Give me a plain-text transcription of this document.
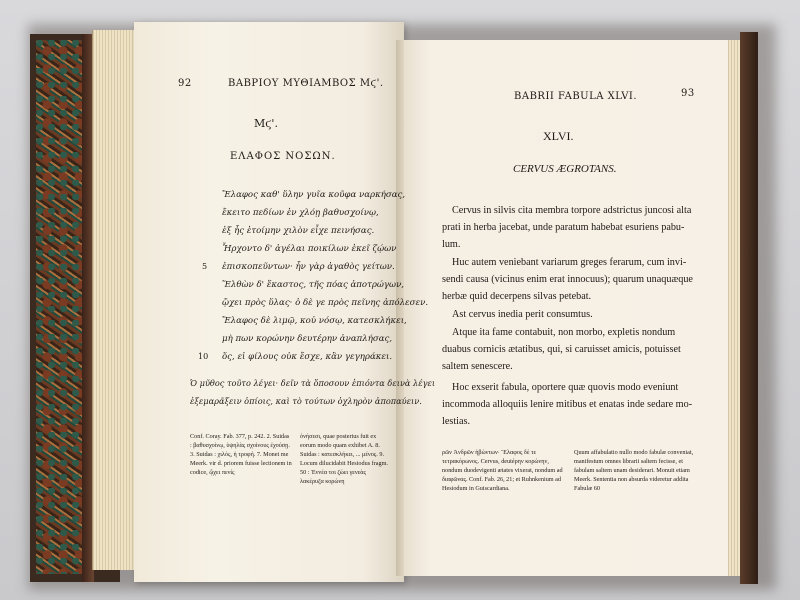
92	ΒΑΒΡΙΟΥ ΜΥΘΙΑΜΒΟΣ Μϛ'.
Μϛ'.
ΕΛΑΦΟΣ ΝΟΣΩΝ.
Ἔλαφος καθ' ὕλην γυῖα κοῦφα ναρκήσας,
ἔκειτο πεδίων ἐν χλόῃ βαθυσχοίνῳ,
ἐξ ἧς ἑτοίμην χιλὸν εἶχε πεινήσας.
Ἧρχοντο δ' ἀγέλαι ποικίλων ἐκεῖ ζῴων
5 ἐπισκοπεῦντων· ἦν γὰρ ἀγαθὸς γείτων.
Ἕλθὼν δ' ἕκαστος, τῆς πόας ἀποτρώγων,
ᾤχει πρὸς ὕλας· ὁ δὲ γε πρὸς πεῖνης ἀπόλεσεν.
Ἔλαφος δὲ λιμῷ, κοὐ νόσῳ, κατεσκλήκει,
μὴ πων κορώνην δευτέρην ἀναπλήσας,
10 ὅς, εἰ φίλους οὐκ ἔσχε, κἂν γεγηράκει.
Ὁ μῦθος τοῦτο λέγει· δεῖν τὰ ὅποσουν ἐπιόντα δεινὰ λέγει
ἐξεμαρᾶξειν ὁπίοις, καὶ τὸ τούτων ὀχληρὸν ἀποπαύειν.
Conf. Coray. Fab. 377, p. 242. 2. Suidas : βαθυσχοίνῳ, ὑψηλὰς σχοίνους ἐχούσῃ. 3. Suidas : χιλός, ἡ τροφή. 7. Monet me Meerk. vir d. priorem fuisse lectionem in codice, ᾤχει πενίς
ὀνήσεσι, quae posterius fuit ex eorum modo quam exhibet A. 8. Suidas : κατεσκλήκει, ... μένος. 9. Locum dilucidabit Hesiodus fragm. 50 : Ἐννέα τοι ζώει γενεὰς λακέρυζα κορώνη
BABRII FABULA XLVI.	93
XLVI.
CERVUS ÆGROTANS.
Cervus in silvis cita membra torpore adstrictus juncosi alta
prati in herba jacebat, unde paratum habebat esuriens pabu-
lum.
Huc autem veniebant variarum greges ferarum, cum invi-
sendi causa (vicinus enim erat innocuus); quarum unaquæque
herbæ quid decerpens silvas petebat.
Ast cervus inedia perit consumtus.
Atque ita fame contabuit, non morbo, expletis nondum
duabus cornicis ætatibus, qui, si caruisset amicis, potuisset
saltem senescere.
Hoc exserit fabula, oportere quæ quovis modo eveniunt
incommoda alloquiis lenire mitibus et enatas inde sedare mo-
lestias.
ρῶν Ἀνδρῶν ἡβώντων· Ἔλαφος δὲ τε τετρακόρωνος. Cervus, deutéρην κορώνην, nondum duodevigenti ætates vixerat, nondum ad διαφῶνας. Conf. Fab. 26, 21; et Ruhnkenium ad Hesiodum in Guiscardiana.
Quum affabulatio nullo modo fabulæ conveniat, manifestum omnes librarii saltem fecisse, et fabulam saltem unam desiderari. Monuit etiam Meerk. Sententia non absurda videretur addita Fabulæ 60
